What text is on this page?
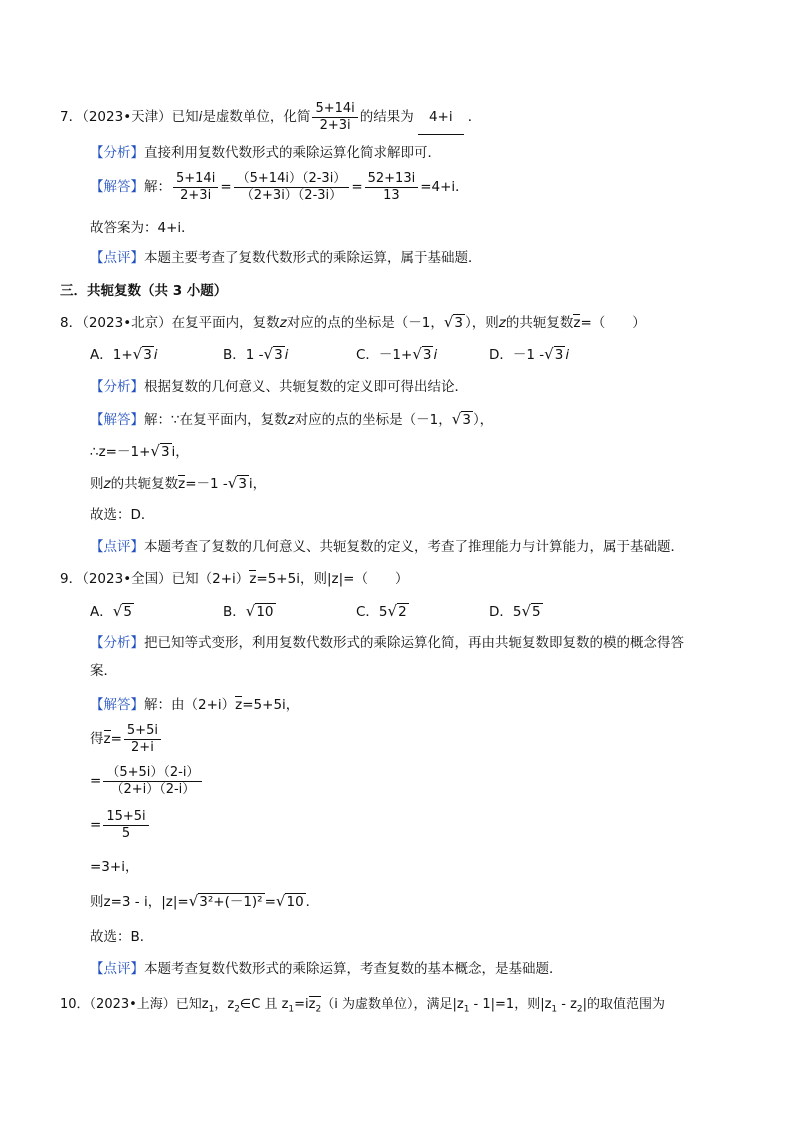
7．（2023•天津）已知i是虚数单位，化简 $\frac{5+14i}{2+3i}$ 的结果为 4+i ．
【分析】直接利用复数代数形式的乘除运算化简求解即可．
【解答】解： $\frac{5+14i}{2+3i} = \frac{(5+14i)(2-3i)}{(2+3i)(2-3i)} = \frac{52+13i}{13} =4+i$．
故答案为：4+i．
【点评】本题主要考查了复数代数形式的乘除运算，属于基础题．
三．共轭复数（共 3 小题）
8．（2023•北京）在复平面内，复数z对应的点的坐标是（－1，√3 ），则z的共轭复数z=（　　）
A．1+√3 i	B．1 -√3 i	C．－1+√3 i	D．－1 -√3 i
【分析】根据复数的几何意义、共轭复数的定义即可得出结论．
【解答】解：∵在复平面内，复数z对应的点的坐标是（－1，√3 ），
∴z=－1+√3 i，
则z的共轭复数z=－1 -√3 i，
故选：D．
【点评】本题考查了复数的几何意义、共轭复数的定义，考查了推理能力与计算能力，属于基础题．
9．（2023•全国）已知（2+i）z=5+5i，则|z|=（　　）
A．√5	B．√10	C．5√2	D．5√5
【分析】把已知等式变形，利用复数代数形式的乘除运算化简，再由共轭复数即复数的模的概念得答
案．
【解答】解：由（2+i）z=5+5i，
得$z= \frac{5+5i}{2+i}$
= $\frac{(5+5i)(2-i)}{(2+i)(2-i)}$
= $\frac{15+5i}{5}$
=3+i，
则z=3 - i，|z|=√3²+(－1)² =√10 ．
故选：B．
【点评】本题考查复数代数形式的乘除运算，考查复数的基本概念，是基础题．
10．（2023•上海）已知$z_1$，$z_2\in C$ 且 $z_1=iz_2(i$ 为虚数单位），满足$|z_1 - 1|=1$，则$|z_1 - z_2|$的取值范围为
